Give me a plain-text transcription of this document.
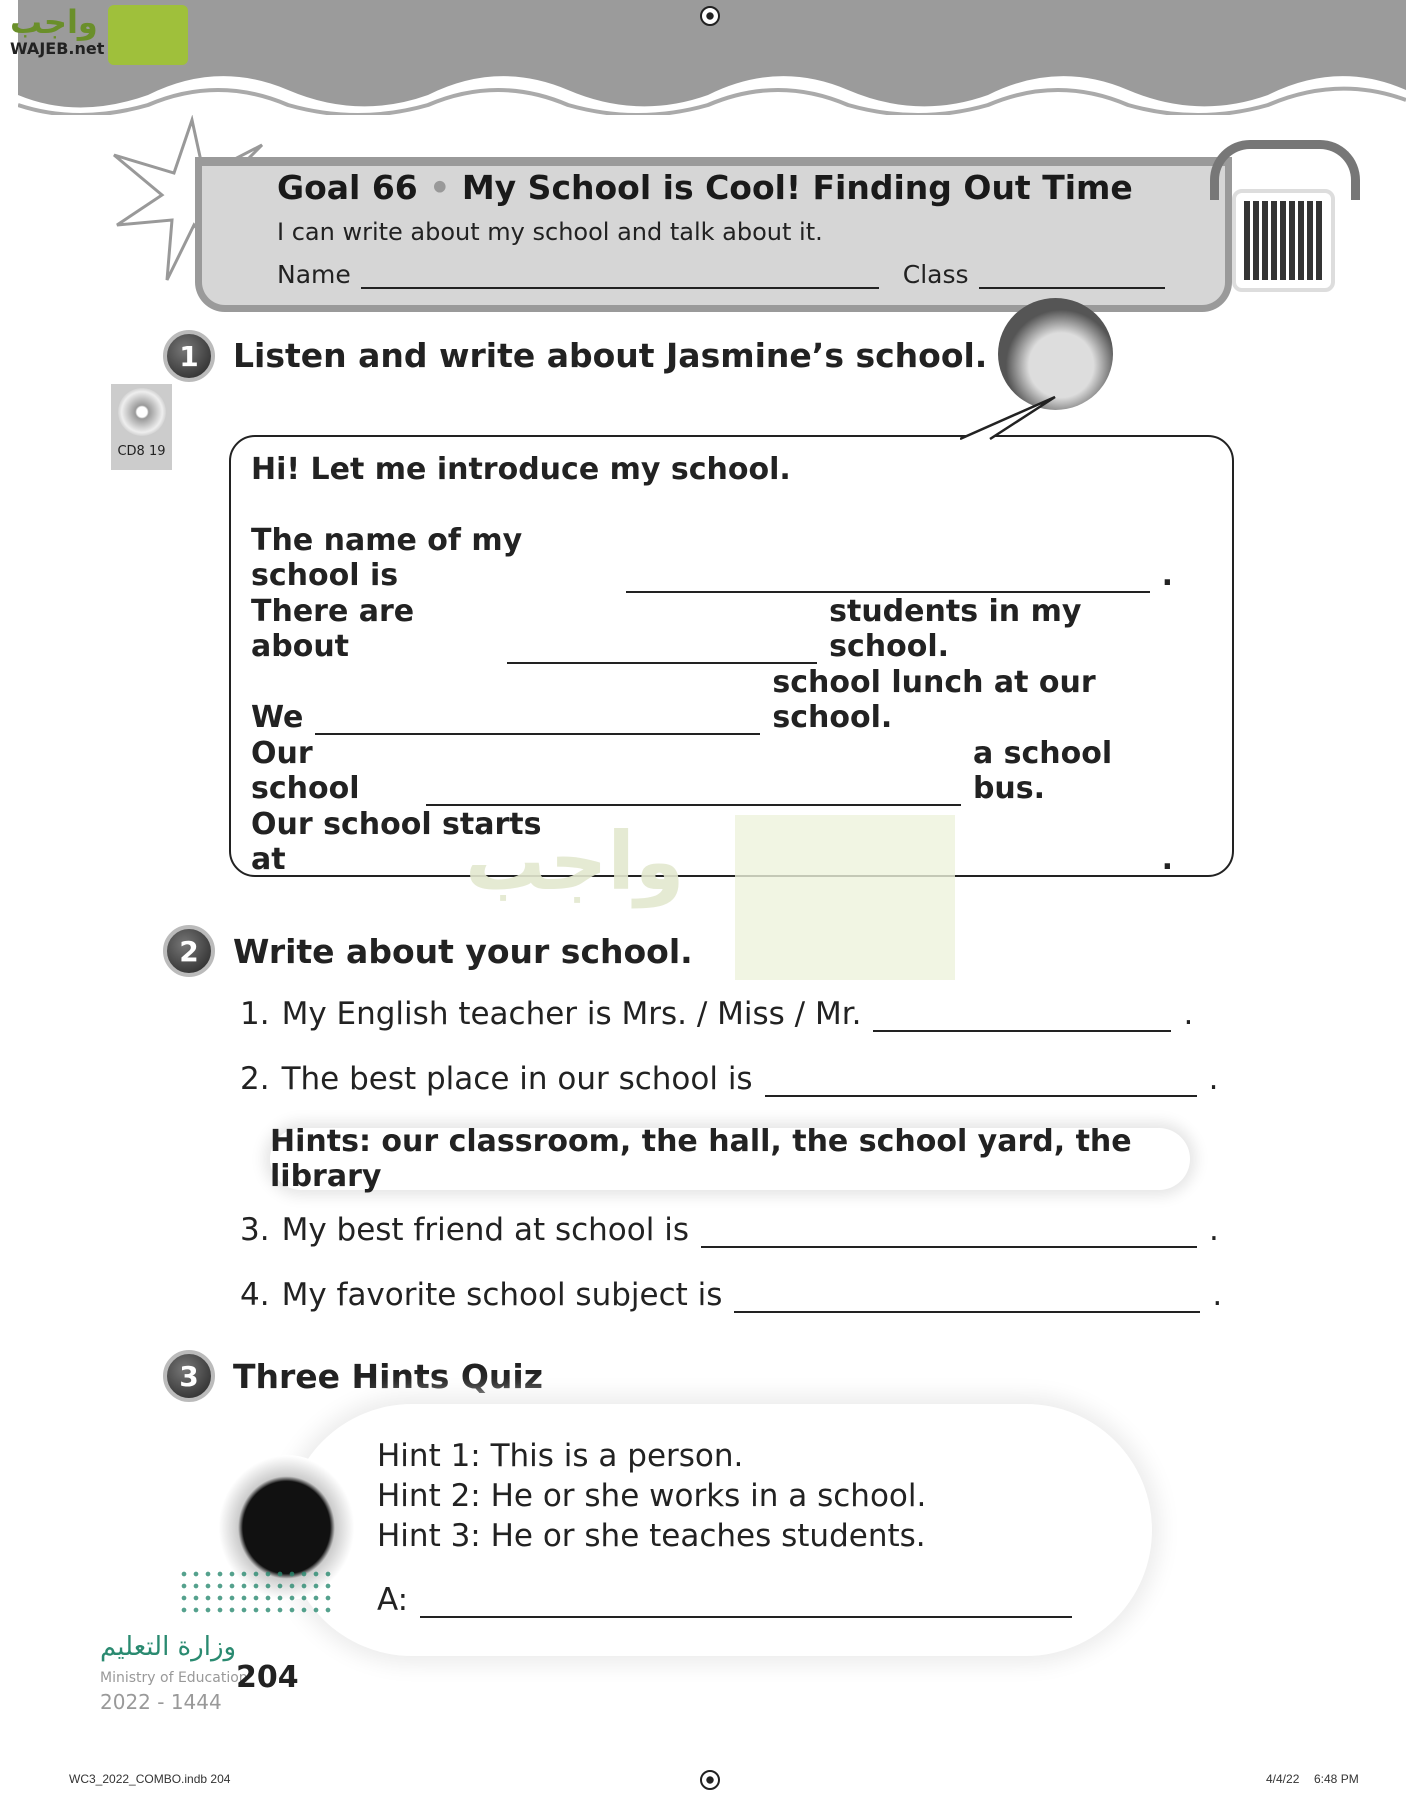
واجب
WAJEB.net
Goal 66 • My School is Cool! Finding Out Time
I can write about my school and talk about it.
Name	Class
1	Listen and write about Jasmine’s school.
CD8 19
Hi! Let me introduce my school.
The name of my school is	.
There are about
students in my school.
We
school lunch at our school.
Our school
a school bus.
Our school starts at	.
واجب
2	Write about your school.
1. My English teacher is Mrs. / Miss / Mr.	.
2. The best place in our school is	.
Hints: our classroom, the hall, the school yard, the library
3. My best friend at school is	.
4. My favorite school subject is	.
3	Three Hints Quiz
Hint 1: This is a person.
Hint 2: He or she works in a school.
Hint 3: He or she teaches students.
A:
وزارة التعليم
Ministry of Education
2022 - 1444
204
WC3_2022_COMBO.indb 204	4/4/22 6:48 PM
